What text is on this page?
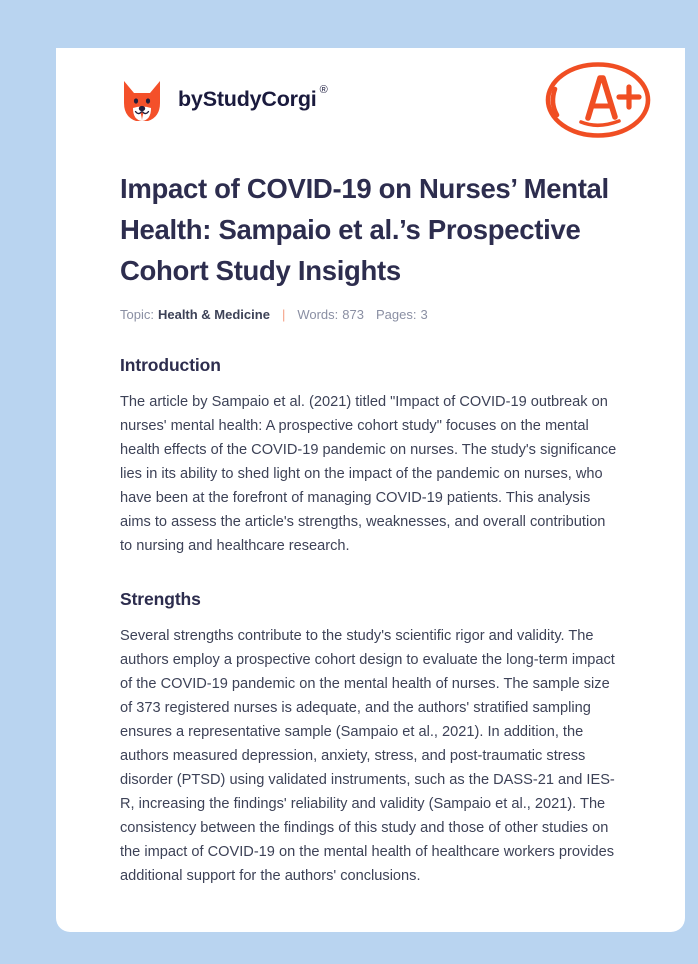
by StudyCorgi ®
Impact of COVID-19 on Nurses’ Mental Health: Sampaio et al.’s Prospective Cohort Study Insights
Topic: Health & Medicine | Words: 873 Pages: 3
Introduction

The article by Sampaio et al. (2021) titled "Impact of COVID-19 outbreak on nurses' mental health: A prospective cohort study" focuses on the mental health effects of the COVID-19 pandemic on nurses. The study's significance lies in its ability to shed light on the impact of the pandemic on nurses, who have been at the forefront of managing COVID-19 patients. This analysis aims to assess the article's strengths, weaknesses, and overall contribution to nursing and healthcare research.

Strengths

Several strengths contribute to the study's scientific rigor and validity. The authors employ a prospective cohort design to evaluate the long-term impact of the COVID-19 pandemic on the mental health of nurses. The sample size of 373 registered nurses is adequate, and the authors' stratified sampling ensures a representative sample (Sampaio et al., 2021). In addition, the authors measured depression, anxiety, stress, and post-traumatic stress disorder (PTSD) using validated instruments, such as the DASS-21 and IES-R, increasing the findings' reliability and validity (Sampaio et al., 2021). The consistency between the findings of this study and those of other studies on the impact of COVID-19 on the mental health of healthcare workers provides additional support for the authors' conclusions.
